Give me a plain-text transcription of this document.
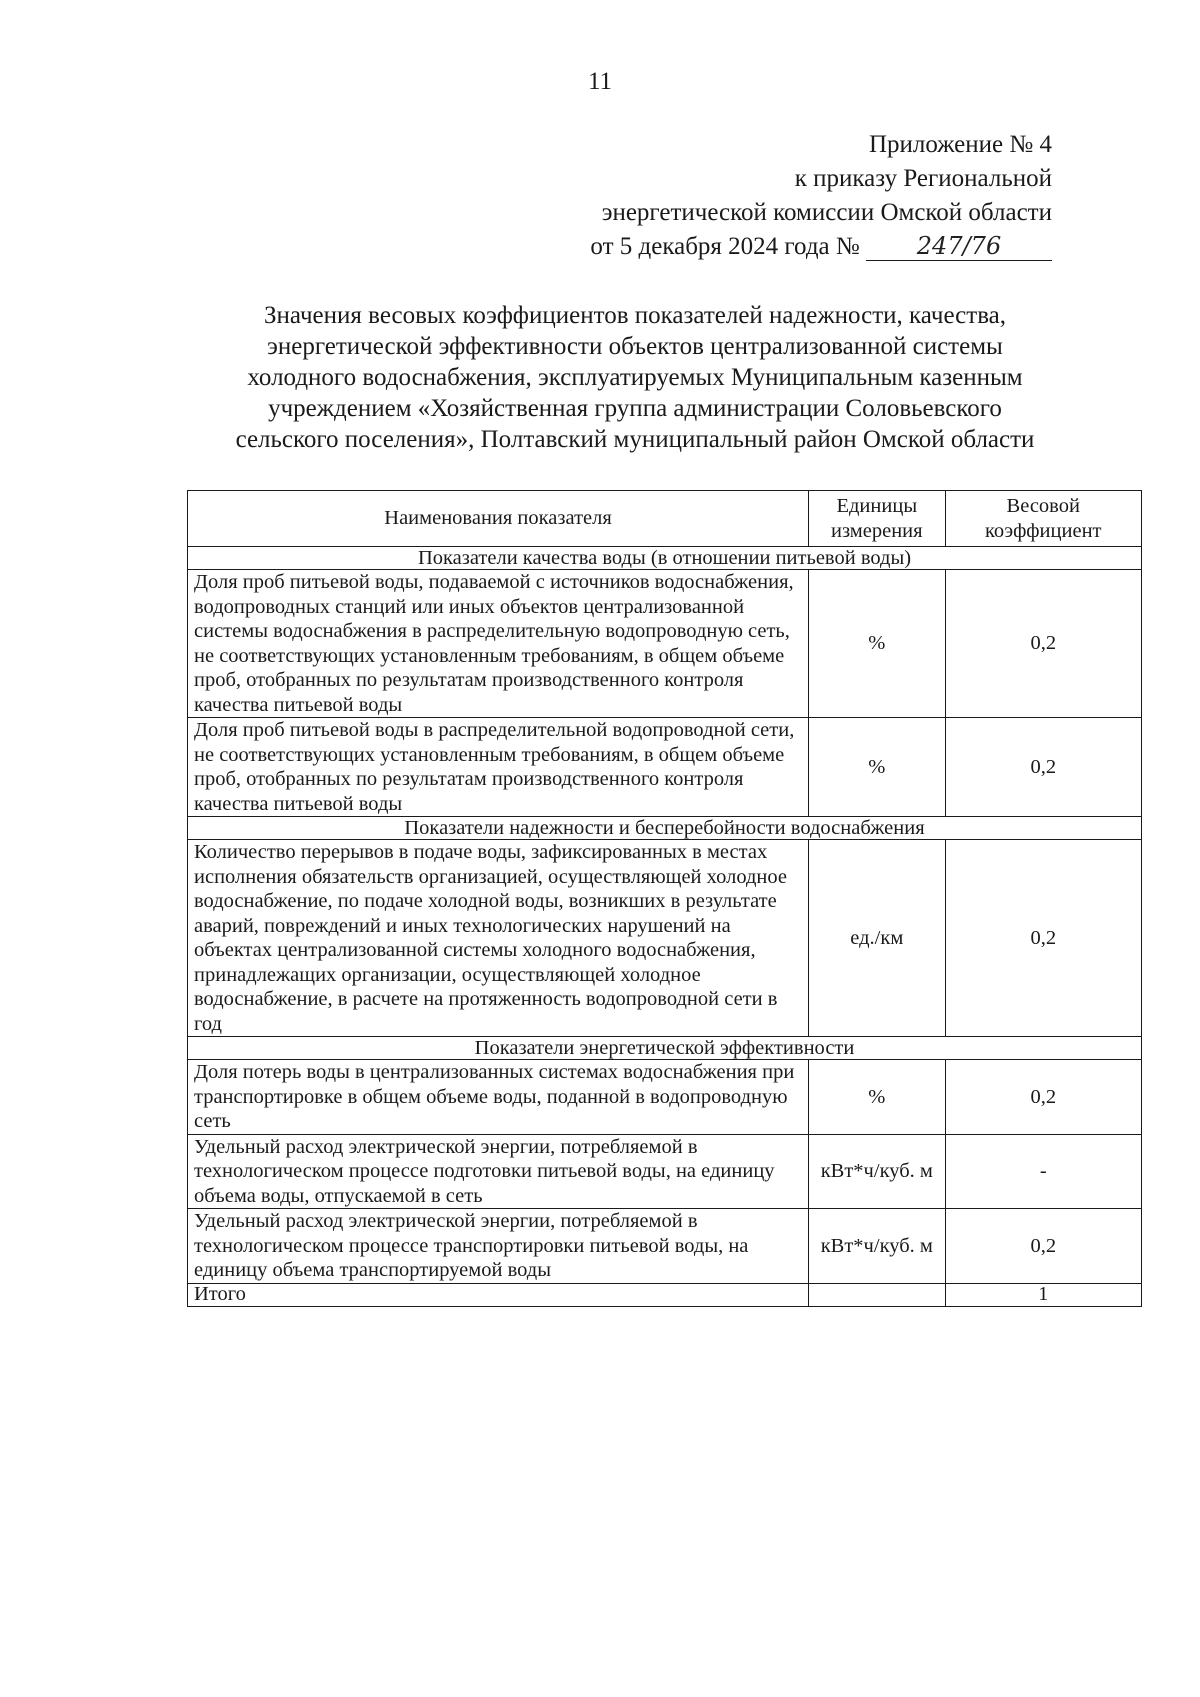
11
Приложение № 4
к приказу Региональной
энергетической комиссии Омской области
от 5 декабря 2024 года № 247/76
Значения весовых коэффициентов показателей надежности, качества,
энергетической эффективности объектов централизованной системы
холодного водоснабжения, эксплуатируемых Муниципальным казенным
учреждением «Хозяйственная группа администрации Соловьевского
сельского поселения», Полтавский муниципальный район Омской области
Наименования показателя	Единицы измерения	Весовой коэффициент
Показатели качества воды (в отношении питьевой воды)		
Доля проб питьевой воды, подаваемой с источников водоснабжения, водопроводных станций или иных объектов централизованной системы водоснабжения в распределительную водопроводную сеть, не соответствующих установленным требованиям, в общем объеме проб, отобранных по результатам производственного контроля качества питьевой воды	%	0,2
Доля проб питьевой воды в распределительной водопроводной сети, не соответствующих установленным требованиям, в общем объеме проб, отобранных по результатам производственного контроля качества питьевой воды	%	0,2
Показатели надежности и бесперебойности водоснабжения		
Количество перерывов в подаче воды, зафиксированных в местах исполнения обязательств организацией, осуществляющей холодное водоснабжение, по подаче холодной воды, возникших в результате аварий, повреждений и иных технологических нарушений на объектах централизованной системы холодного водоснабжения, принадлежащих организации, осуществляющей холодное водоснабжение, в расчете на протяженность водопроводной сети в год	ед./км	0,2
Показатели энергетической эффективности		
Доля потерь воды в централизованных системах водоснабжения при транспортировке в общем объеме воды, поданной в водопроводную сеть	%	0,2
Удельный расход электрической энергии, потребляемой в технологическом процессе подготовки питьевой воды, на единицу объема воды, отпускаемой в сеть	кВт*ч/куб. м	-
Удельный расход электрической энергии, потребляемой в технологическом процессе транспортировки питьевой воды, на единицу объема транспортируемой воды	кВт*ч/куб. м	0,2
Итого		1
